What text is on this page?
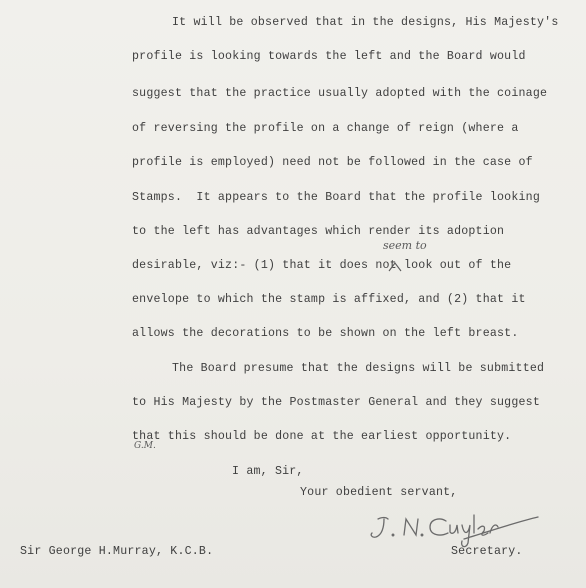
It will be observed that in the designs, His Majesty's
profile is looking towards the left and the Board would
suggest that the practice usually adopted with the coinage
of reversing the profile on a change of reign (where a
profile is employed) need not be followed in the case of
Stamps.  It appears to the Board that the profile looking
to the left has advantages which render its adoption
desirable, viz:- (1) that it does not look out of the
envelope to which the stamp is affixed, and (2) that it
allows the decorations to be shown on the left breast.
seem to
The Board presume that the designs will be submitted
to His Majesty by the Postmaster General and they suggest
that this should be done at the earliest opportunity.
G.M.
I am, Sir,
Your obedient servant,
Sir George H.Murray, K.C.B.	Secretary.
